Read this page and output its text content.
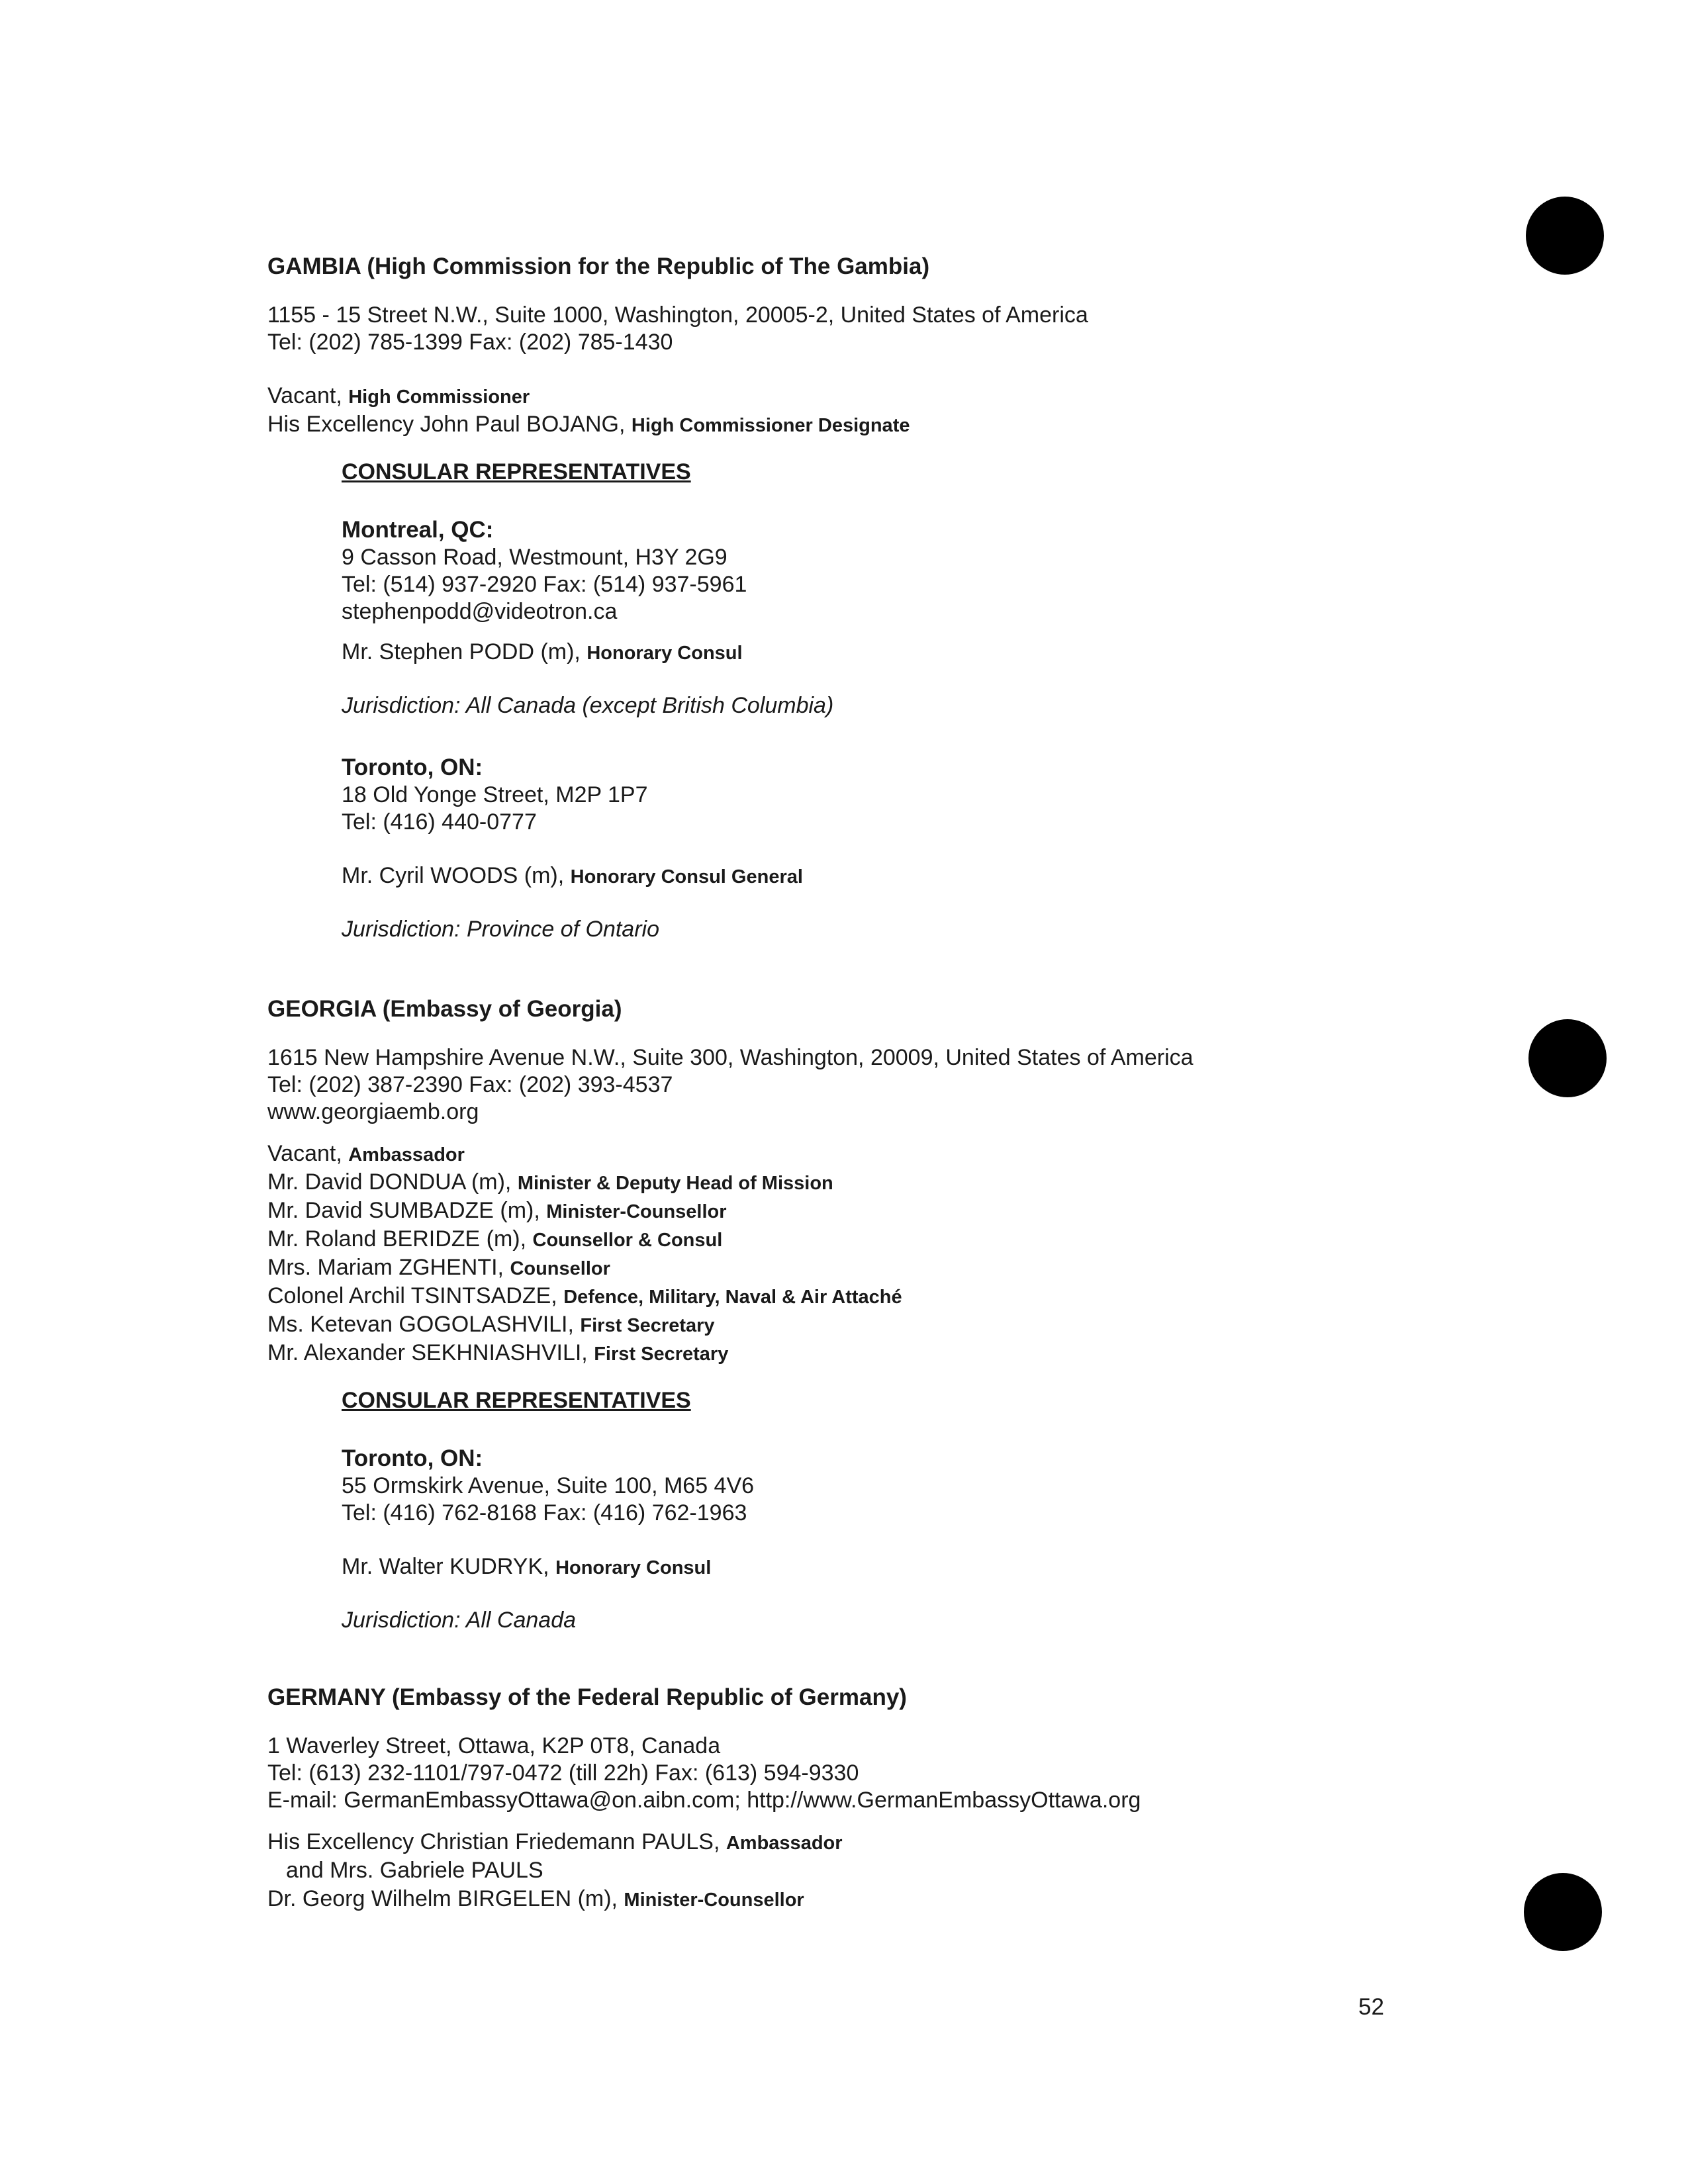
GAMBIA (High Commission for the Republic of The Gambia)
1155 - 15 Street N.W., Suite 1000, Washington, 20005-2, United States of America
Tel: (202) 785-1399 Fax: (202) 785-1430
Vacant, High Commissioner
His Excellency John Paul BOJANG, High Commissioner Designate
CONSULAR REPRESENTATIVES
Montreal, QC:
9 Casson Road, Westmount, H3Y 2G9
Tel: (514) 937-2920 Fax: (514) 937-5961
stephenpodd@videotron.ca
Mr. Stephen PODD (m), Honorary Consul
Jurisdiction: All Canada (except British Columbia)
Toronto, ON:
18 Old Yonge Street, M2P 1P7
Tel: (416) 440-0777
Mr. Cyril WOODS (m), Honorary Consul General
Jurisdiction: Province of Ontario
GEORGIA (Embassy of Georgia)
1615 New Hampshire Avenue N.W., Suite 300, Washington, 20009, United States of America
Tel: (202) 387-2390 Fax: (202) 393-4537
www.georgiaemb.org
Vacant, Ambassador
Mr. David DONDUA (m), Minister & Deputy Head of Mission
Mr. David SUMBADZE (m), Minister-Counsellor
Mr. Roland BERIDZE (m), Counsellor & Consul
Mrs. Mariam ZGHENTI, Counsellor
Colonel Archil TSINTSADZE, Defence, Military, Naval & Air Attaché
Ms. Ketevan GOGOLASHVILI, First Secretary
Mr. Alexander SEKHNIASHVILI, First Secretary
CONSULAR REPRESENTATIVES
Toronto, ON:
55 Ormskirk Avenue, Suite 100, M65 4V6
Tel: (416) 762-8168 Fax: (416) 762-1963
Mr. Walter KUDRYK, Honorary Consul
Jurisdiction: All Canada
GERMANY (Embassy of the Federal Republic of Germany)
1 Waverley Street, Ottawa, K2P 0T8, Canada
Tel: (613) 232-1101/797-0472 (till 22h) Fax: (613) 594-9330
E-mail: GermanEmbassyOttawa@on.aibn.com; http://www.GermanEmbassyOttawa.org
His Excellency Christian Friedemann PAULS, Ambassador
and Mrs. Gabriele PAULS
Dr. Georg Wilhelm BIRGELEN (m), Minister-Counsellor
52
